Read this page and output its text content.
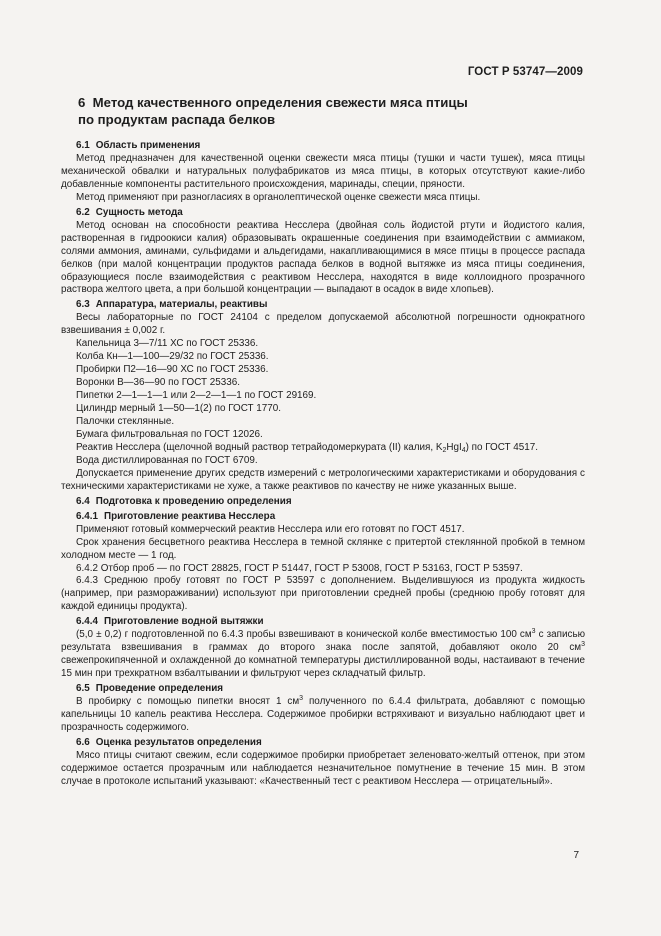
ГОСТ Р 53747—2009
6 Метод качественного определения свежести мяса птицы
по продуктам распада белков

6.1 Область применения

Метод предназначен для качественной оценки свежести мяса птицы (тушки и части тушек), мяса птицы механической обвалки и натуральных полуфабрикатов из мяса птицы, в которых отсутствуют какие-либо добавленные компоненты растительного происхождения, маринады, специи, пряности.

Метод применяют при разногласиях в органолептической оценке свежести мяса птицы.

6.2 Сущность метода

Метод основан на способности реактива Несслера (двойная соль йодистой ртути и йодистого калия, растворенная в гидроокиси калия) образовывать окрашенные соединения при взаимодействии с аммиаком, солями аммония, аминами, сульфидами и альдегидами, накапливающимися в мясе птицы в процессе распада белков (при малой концентрации продуктов распада белков в водной вытяжке из мяса птицы соединения, образующиеся после взаимодействия с реактивом Несслера, находятся в виде коллоидного прозрачного раствора желтого цвета, а при большой концентрации — выпадают в осадок в виде хлопьев).

6.3 Аппаратура, материалы, реактивы

Весы лабораторные по ГОСТ 24104 с пределом допускаемой абсолютной погрешности однократного взвешивания ± 0,002 г.

Капельница 3—7/11 ХС по ГОСТ 25336.

Колба Кн—1—100—29/32 по ГОСТ 25336.

Пробирки П2—16—90 ХС по ГОСТ 25336.

Воронки В—36—90 по ГОСТ 25336.

Пипетки 2—1—1—1 или 2—2—1—1 по ГОСТ 29169.

Цилиндр мерный 1—50—1(2) по ГОСТ 1770.

Палочки стеклянные.

Бумага фильтровальная по ГОСТ 12026.

Реактив Несслера (щелочной водный раствор тетрайодомеркурата (II) калия, $K_2HgI_4$) по ГОСТ 4517.

Вода дистиллированная по ГОСТ 6709.

Допускается применение других средств измерений с метрологическими характеристиками и оборудования с техническими характеристиками не хуже, а также реактивов по качеству не ниже указанных выше.

6.4 Подготовка к проведению определения

6.4.1 Приготовление реактива Несслера

Применяют готовый коммерческий реактив Несслера или его готовят по ГОСТ 4517.

Срок хранения бесцветного реактива Несслера в темной склянке с притертой стеклянной пробкой в темном холодном месте — 1 год.

6.4.2 Отбор проб — по ГОСТ 28825, ГОСТ Р 51447, ГОСТ Р 53008, ГОСТ Р 53163, ГОСТ Р 53597.

6.4.3 Среднюю пробу готовят по ГОСТ Р 53597 с дополнением. Выделившуюся из продукта жидкость (например, при размораживании) используют при приготовлении средней пробы (среднюю пробу готовят для каждой единицы продукта).

6.4.4 Приготовление водной вытяжки

(5,0 ± 0,2) г подготовленной по 6.4.3 пробы взвешивают в конической колбе вместимостью 100 $см^3$ с записью результата взвешивания в граммах до второго знака после запятой, добавляют около 20 $см^3$ свежепрокипяченной и охлажденной до комнатной температуры дистиллированной воды, настаивают в течение 15 мин при трехкратном взбалтывании и фильтруют через складчатый фильтр.

6.5 Проведение определения

В пробирку с помощью пипетки вносят 1 $см^3$ полученного по 6.4.4 фильтрата, добавляют с помощью капельницы 10 капель реактива Несслера. Содержимое пробирки встряхивают и визуально наблюдают цвет и прозрачность содержимого.

6.6 Оценка результатов определения

Мясо птицы считают свежим, если содержимое пробирки приобретает зеленовато-желтый оттенок, при этом содержимое остается прозрачным или наблюдается незначительное помутнение в течение 15 мин. В этом случае в протоколе испытаний указывают: «Качественный тест с реактивом Несслера — отрицательный».

7
